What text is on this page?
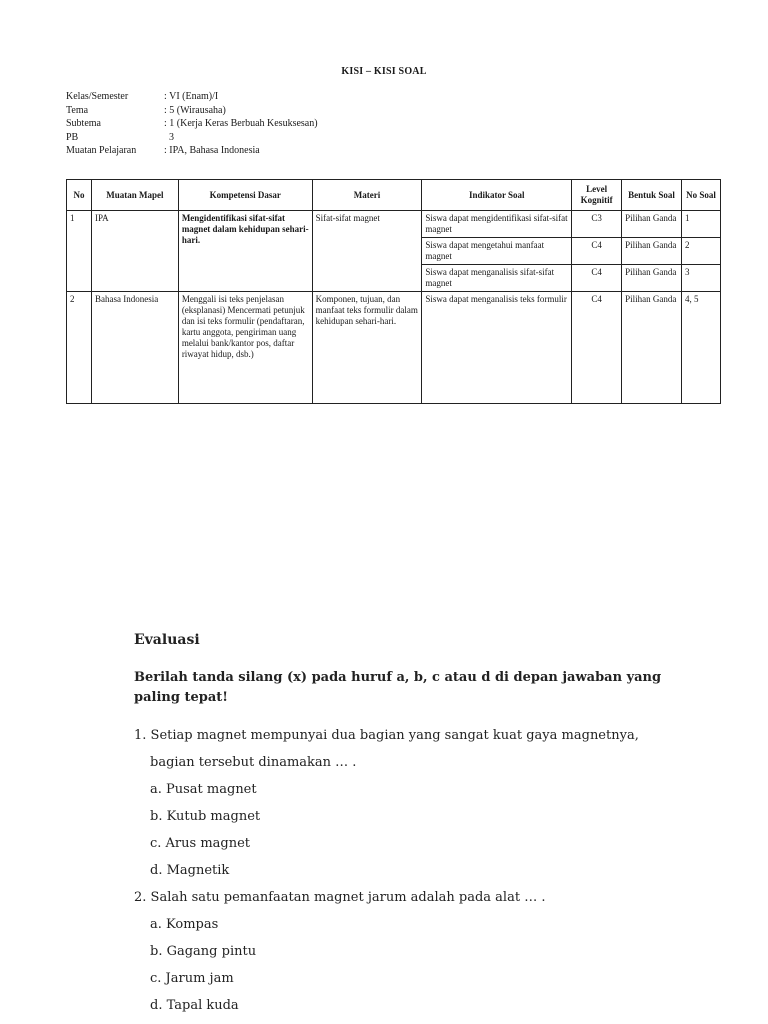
KISI – KISI SOAL
Kelas/Semester	: VI (Enam)/I
Tema	: 5 (Wirausaha)
Subtema	: 1 (Kerja Keras Berbuah Kesuksesan)
PB	3
Muatan Pelajaran	: IPA, Bahasa Indonesia
No	Muatan Mapel	Kompetensi Dasar	Materi	Indikator Soal	Level Kognitif	Bentuk Soal	No Soal
1	IPA	Mengidentifikasi sifat-sifat magnet dalam kehidupan sehari-hari.	Sifat-sifat magnet	Siswa dapat mengidentifikasi sifat-sifat magnet	C3	Pilihan Ganda	1
				Siswa dapat mengetahui manfaat magnet	C4	Pilihan Ganda	2
				Siswa dapat menganalisis sifat-sifat magnet	C4	Pilihan Ganda	3
2	Bahasa Indonesia	Menggali isi teks penjelasan (eksplanasi) Mencermati petunjuk dan isi teks formulir (pendaftaran, kartu anggota, pengiriman uang melalui bank/kantor pos, daftar riwayat hidup, dsb.)	Komponen, tujuan, dan manfaat teks formulir dalam kehidupan sehari-hari.	Siswa dapat menganalisis teks formulir	C4	Pilihan Ganda	4, 5
Evaluasi
Berilah tanda silang (x) pada huruf a, b, c atau d di depan jawaban yang paling tepat!
1. Setiap magnet mempunyai dua bagian yang sangat kuat gaya magnetnya,
bagian tersebut dinamakan … .
a. Pusat magnet
b. Kutub magnet
c. Arus magnet
d. Magnetik
2. Salah satu pemanfaatan magnet jarum adalah pada alat … .
a. Kompas
b. Gagang pintu
c. Jarum jam
d. Tapal kuda
